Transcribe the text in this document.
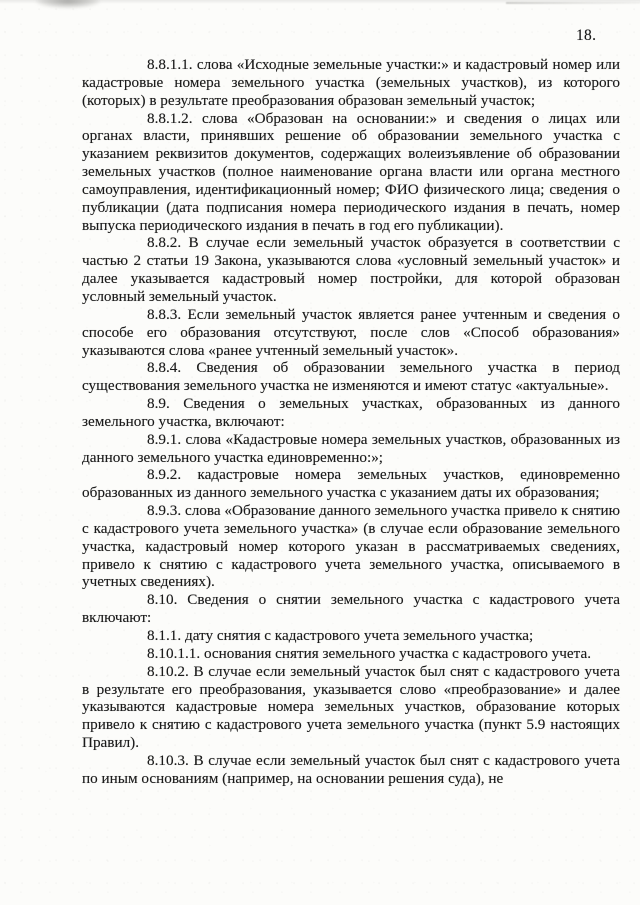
18.

8.8.1.1. слова «Исходные земельные участки:» и кадастровый номер или кадастровые номера земельного участка (земельных участков), из которого (которых) в результате преобразования образован земельный участок;

8.8.1.2. слова «Образован на основании:» и сведения о лицах или органах власти, принявших решение об образовании земельного участка с указанием реквизитов документов, содержащих волеизъявление об образовании земельных участков (полное наименование органа власти или органа местного самоуправления, идентификационный номер; ФИО физического лица; сведения о публикации (дата подписания номера периодического издания в печать, номер выпуска периодического издания в печать в год его публикации).

8.8.2. В случае если земельный участок образуется в соответствии с частью 2 статьи 19 Закона, указываются слова «условный земельный участок» и далее указывается кадастровый номер постройки, для которой образован условный земельный участок.

8.8.3. Если земельный участок является ранее учтенным и сведения о способе его образования отсутствуют, после слов «Способ образования» указываются слова «ранее учтенный земельный участок».

8.8.4. Сведения об образовании земельного участка в период существования земельного участка не изменяются и имеют статус «актуальные».

8.9. Сведения о земельных участках, образованных из данного земельного участка, включают:

8.9.1. слова «Кадастровые номера земельных участков, образованных из данного земельного участка единовременно:»;

8.9.2. кадастровые номера земельных участков, единовременно образованных из данного земельного участка с указанием даты их образования;

8.9.3. слова «Образование данного земельного участка привело к снятию с кадастрового учета земельного участка» (в случае если образование земельного участка, кадастровый номер которого указан в рассматриваемых сведениях, привело к снятию с кадастрового учета земельного участка, описываемого в учетных сведениях).

8.10. Сведения о снятии земельного участка с кадастрового учета включают:

8.1.1. дату снятия с кадастрового учета земельного участка;

8.10.1.1. основания снятия земельного участка с кадастрового учета.

8.10.2. В случае если земельный участок был снят с кадастрового учета в результате его преобразования, указывается слово «преобразование» и далее указываются кадастровые номера земельных участков, образование которых привело к снятию с кадастрового учета земельного участка (пункт 5.9 настоящих Правил).

8.10.3. В случае если земельный участок был снят с кадастрового учета по иным основаниям (например, на основании решения суда), не
